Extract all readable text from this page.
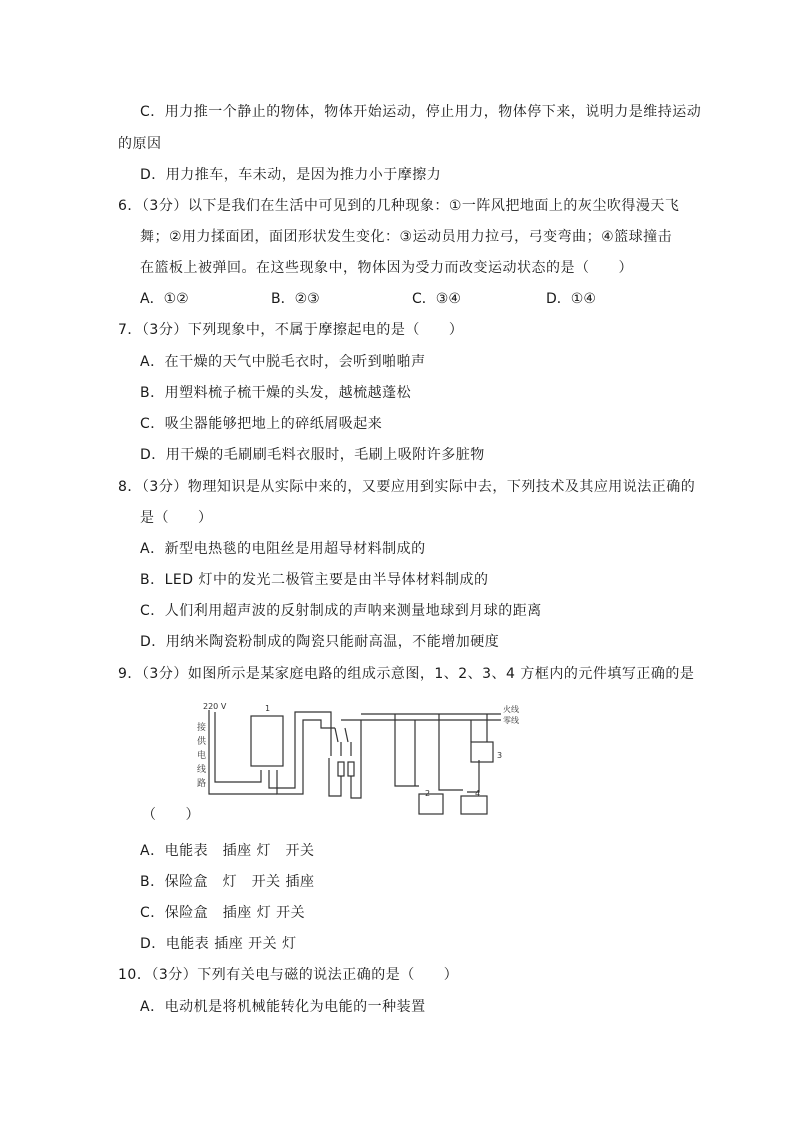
C．用力推一个静止的物体，物体开始运动，停止用力，物体停下来，说明力是维持运动
的原因
D．用力推车，车未动，是因为推力小于摩擦力
6．（3分）以下是我们在生活中可见到的几种现象：①一阵风把地面上的灰尘吹得漫天飞
舞；②用力揉面团，面团形状发生变化：③运动员用力拉弓，弓变弯曲；④篮球撞击
在篮板上被弹回。在这些现象中，物体因为受力而改变运动状态的是（　　）
A．①②	B．②③	C．③④	D．①④
7．（3分）下列现象中，不属于摩擦起电的是（　　）
A．在干燥的天气中脱毛衣时，会听到啪啪声
B．用塑料梳子梳干燥的头发，越梳越蓬松
C．吸尘器能够把地上的碎纸屑吸起来
D．用干燥的毛刷刷毛料衣服时，毛刷上吸附许多脏物
8．（3分）物理知识是从实际中来的，又要应用到实际中去，下列技术及其应用说法正确的
是（　　）
A．新型电热毯的电阻丝是用超导材料制成的
B．LED 灯中的发光二极管主要是由半导体材料制成的
C．人们利用超声波的反射制成的声呐来测量地球到月球的距离
D．用纳米陶瓷粉制成的陶瓷只能耐高温，不能增加硬度
9．（3分）如图所示是某家庭电路的组成示意图，1、2、3、4 方框内的元件填写正确的是
220 V	1
2
3
4
火线
零线
接
供
电
线
路
（　　）
A．电能表　插座 灯　开关
B．保险盒　灯　开关 插座
C．保险盒　插座 灯 开关
D．电能表 插座 开关 灯
10．（3分）下列有关电与磁的说法正确的是（　　）
A．电动机是将机械能转化为电能的一种装置
